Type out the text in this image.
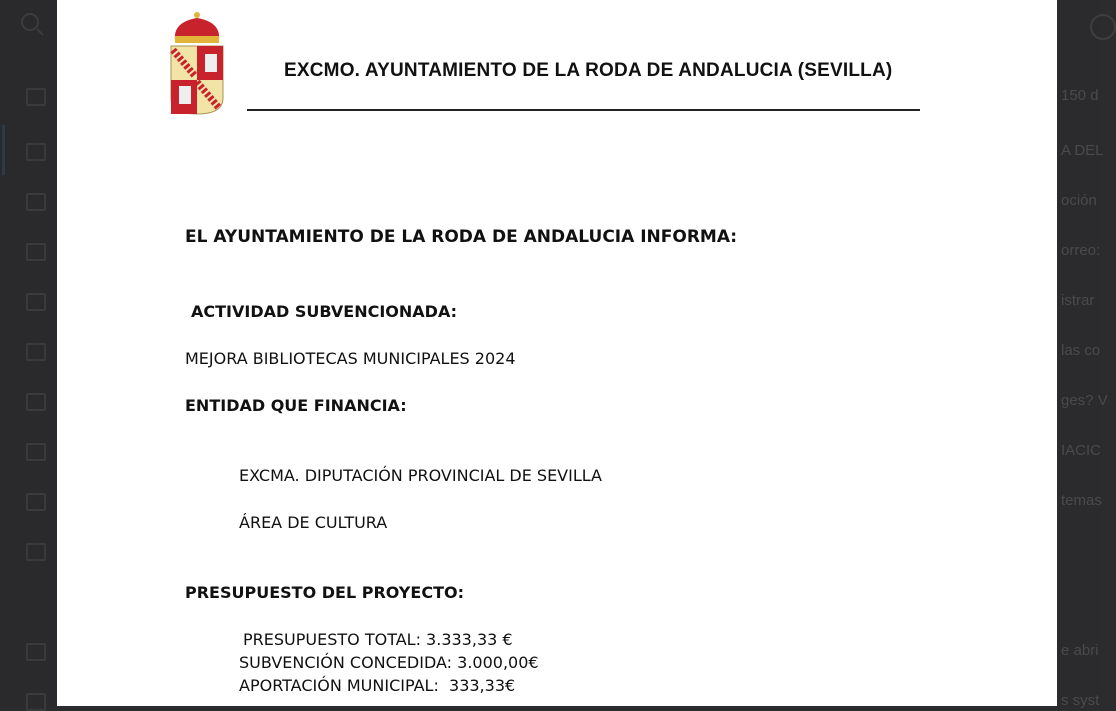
150 d
A DEL
oción
orreo:
istrar
las co
ges? V
IACIC
temas
e abri
s syst
EXCMO. AYUNTAMIENTO DE LA RODA DE ANDALUCIA (SEVILLA)
EL AYUNTAMIENTO DE LA RODA DE ANDALUCIA INFORMA:
ACTIVIDAD SUBVENCIONADA:
MEJORA BIBLIOTECAS MUNICIPALES 2024
ENTIDAD QUE FINANCIA:
EXCMA. DIPUTACIÓN PROVINCIAL DE SEVILLA
ÁREA DE CULTURA
PRESUPUESTO DEL PROYECTO:
PRESUPUESTO TOTAL: 3.333,33 €
SUBVENCIÓN CONCEDIDA: 3.000,00€
APORTACIÓN MUNICIPAL:  333,33€
